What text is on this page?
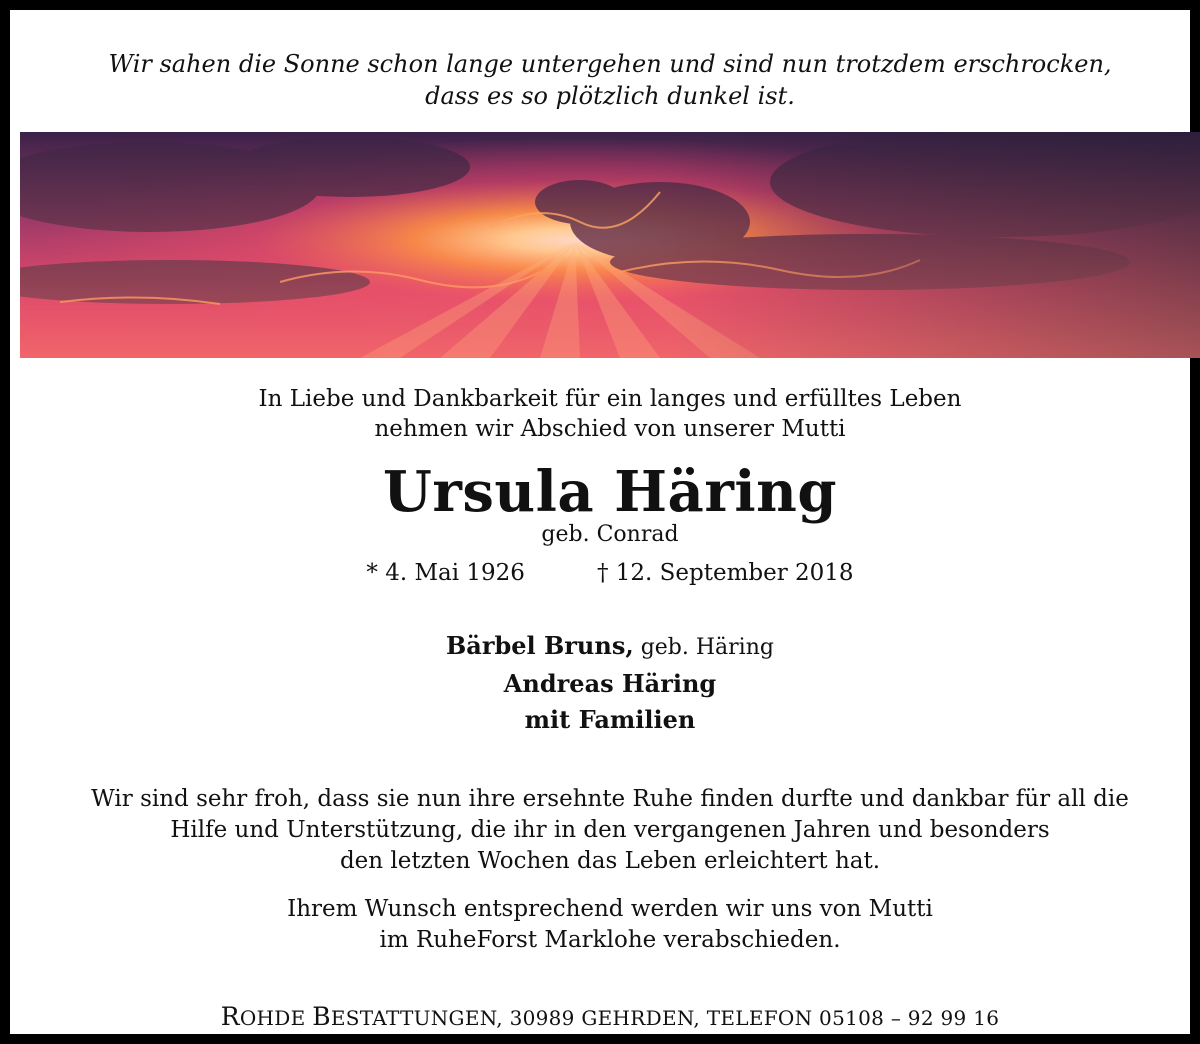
Wir sahen die Sonne schon lange untergehen und sind nun trotzdem erschrocken,
dass es so plötzlich dunkel ist.
In Liebe und Dankbarkeit für ein langes und erfülltes Leben
nehmen wir Abschied von unserer Mutti
Ursula Häring
geb. Conrad
* 4. Mai 1926	† 12. September 2018
Bärbel Bruns, geb. Häring
Andreas Häring
mit Familien
Wir sind sehr froh, dass sie nun ihre ersehnte Ruhe finden durfte und dankbar für all die
Hilfe und Unterstützung, die ihr in den vergangenen Jahren und besonders
den letzten Wochen das Leben erleichtert hat.
Ihrem Wunsch entsprechend werden wir uns von Mutti
im RuheForst Marklohe verabschieden.
ROHDE BESTATTUNGEN, 30989 GEHRDEN, TELEFON 05108 – 92 99 16
